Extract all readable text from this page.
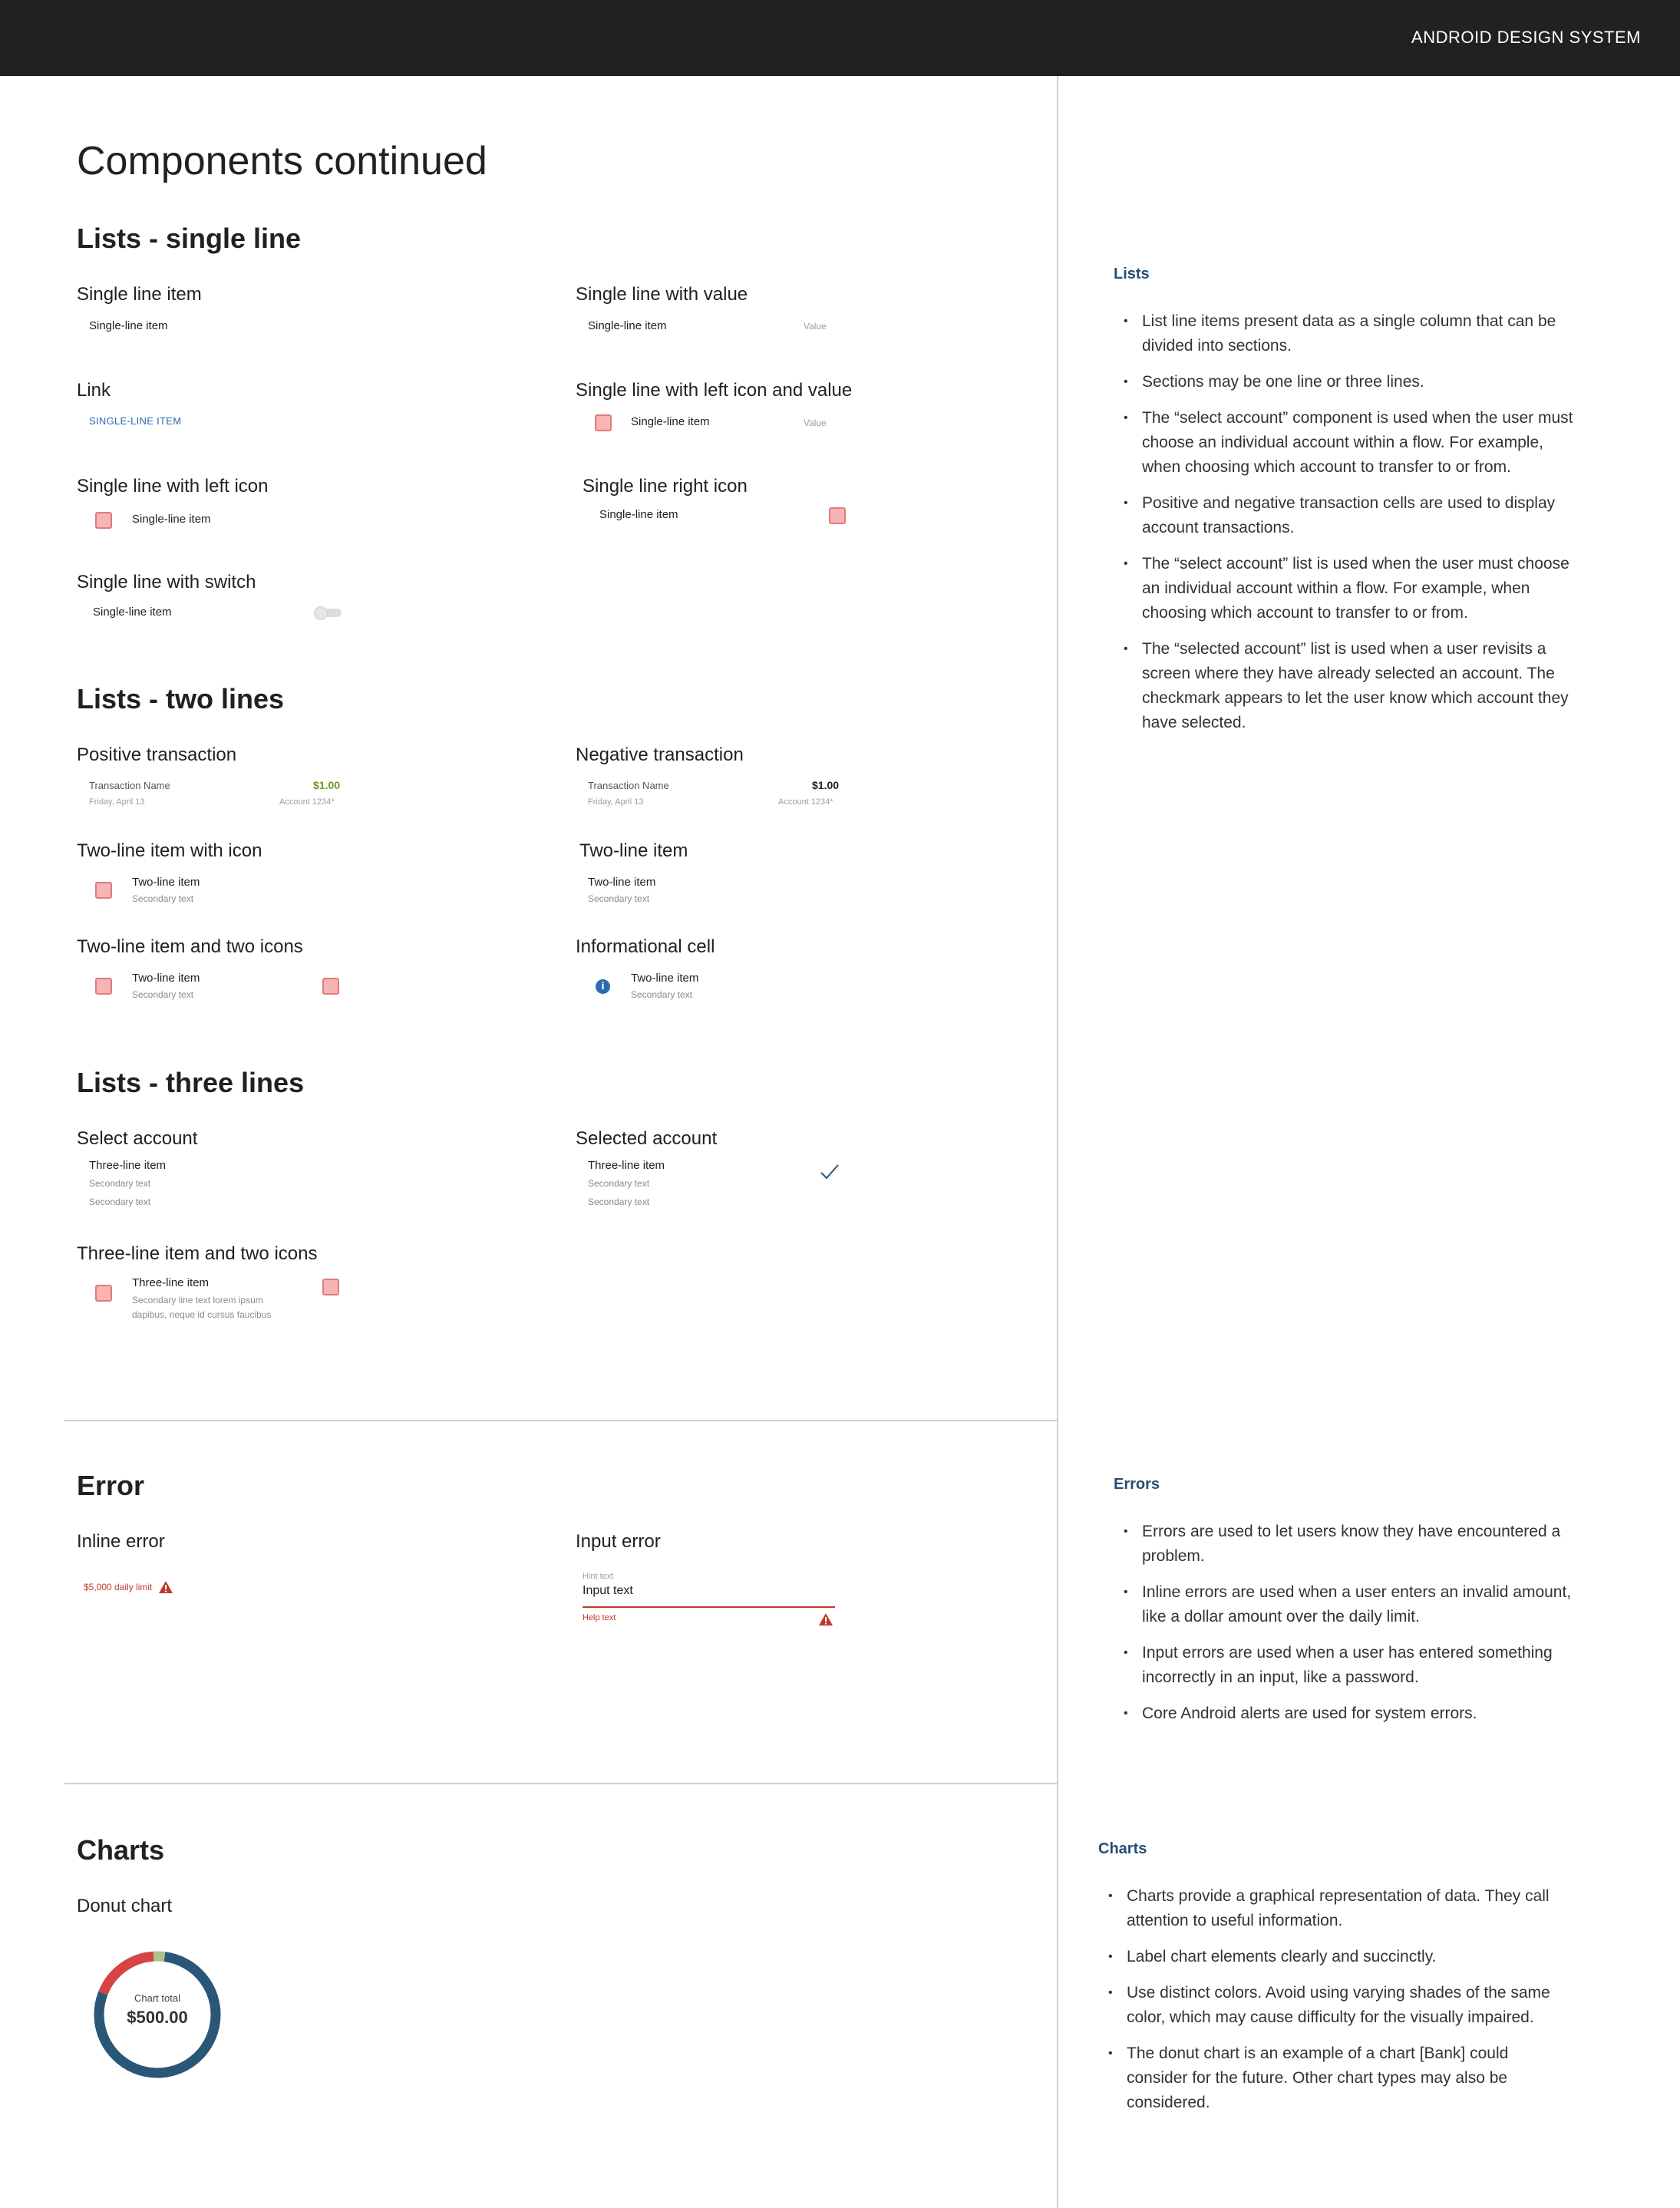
ANDROID DESIGN SYSTEM
Components continued
Lists - single line
Single line item
Single-line item
Single line with value
Single-line item	Value
Link
SINGLE-LINE ITEM
Single line with left icon and value
Single-line item	Value
Single line with left icon
Single-line item
Single line right icon
Single-line item
Single line with switch
Single-line item
Lists - two lines
Positive transaction
Transaction Name	$1.00
Friday, April 13	Account 1234*
Negative transaction
Transaction Name	$1.00
Friday, April 13	Account 1234*
Two-line item with icon
Two-line item
Secondary text
Two-line item
Two-line item
Secondary text
Two-line item and two icons
Two-line item
Secondary text
Informational cell
i
Two-line item
Secondary text
Lists - three lines
Select account
Three-line item
Secondary text
Secondary text
Selected account
Three-line item
Secondary text
Secondary text
Three-line item and two icons
Three-line item
Secondary line text lorem ipsum
dapibus, neque id cursus faucibus
Error
Inline error
$5,000 daily limit
Input error
Hint text
Input text
Help text
Charts
Donut chart
Chart total
$500.00
Lists
• List line items present data as a single column that can be divided into sections.
• Sections may be one line or three lines.
• The “select account” component is used when the user must choose an individual account within a flow. For example, when choosing which account to transfer to or from.
• Positive and negative transaction cells are used to display account transactions.
• The “select account” list is used when the user must choose an individual account within a flow. For example, when choosing which account to transfer to or from.
• The “selected account” list is used when a user revisits a screen where they have already selected an account. The checkmark appears to let the user know which account they have selected.
Errors
• Errors are used to let users know they have encountered a problem.
• Inline errors are used when a user enters an invalid amount, like a dollar amount over the daily limit.
• Input errors are used when a user has entered something incorrectly in an input, like a password.
• Core Android alerts are used for system errors.
Charts
• Charts provide a graphical representation of data. They call attention to useful information.
• Label chart elements clearly and succinctly.
• Use distinct colors. Avoid using varying shades of the same color, which may cause difficulty for the visually impaired.
• The donut chart is an example of a chart [Bank] could consider for the future. Other chart types may also be considered.
